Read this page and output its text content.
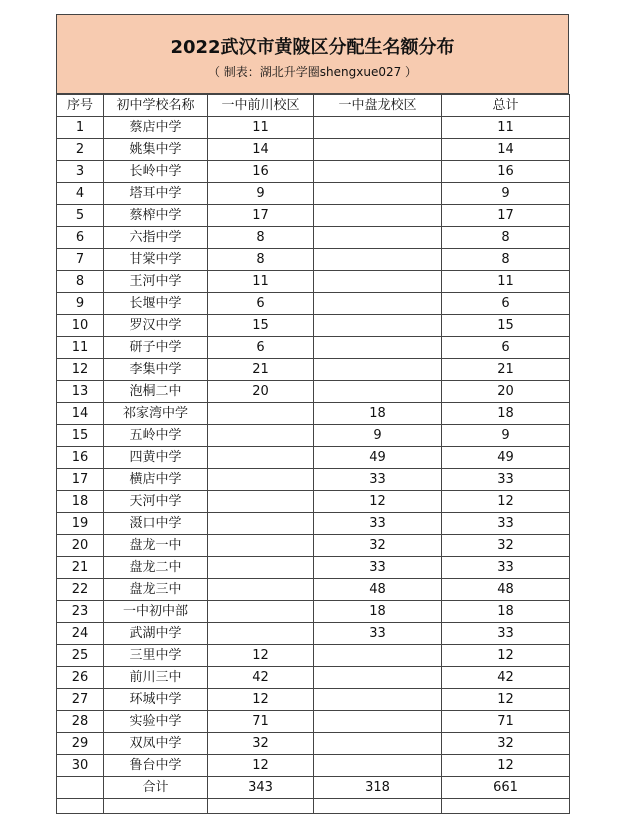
2022武汉市黄陂区分配生名额分布
（ 制表：湖北升学圈shengxue027 ）
序号	初中学校名称	一中前川校区	一中盘龙校区	总计
1	蔡店中学	11		11
2	姚集中学	14		14
3	长岭中学	16		16
4	塔耳中学	9		9
5	蔡榨中学	17		17
6	六指中学	8		8
7	甘棠中学	8		8
8	王河中学	11		11
9	长堰中学	6		6
10	罗汉中学	15		15
11	研子中学	6		6
12	李集中学	21		21
13	泡桐二中	20		20
14	祁家湾中学		18	18
15	五岭中学		9	9
16	四黄中学		49	49
17	横店中学		33	33
18	天河中学		12	12
19	滠口中学		33	33
20	盘龙一中		32	32
21	盘龙二中		33	33
22	盘龙三中		48	48
23	一中初中部		18	18
24	武湖中学		33	33
25	三里中学	12		12
26	前川三中	42		42
27	环城中学	12		12
28	实验中学	71		71
29	双凤中学	32		32
30	鲁台中学	12		12
	合计	343	318	661
